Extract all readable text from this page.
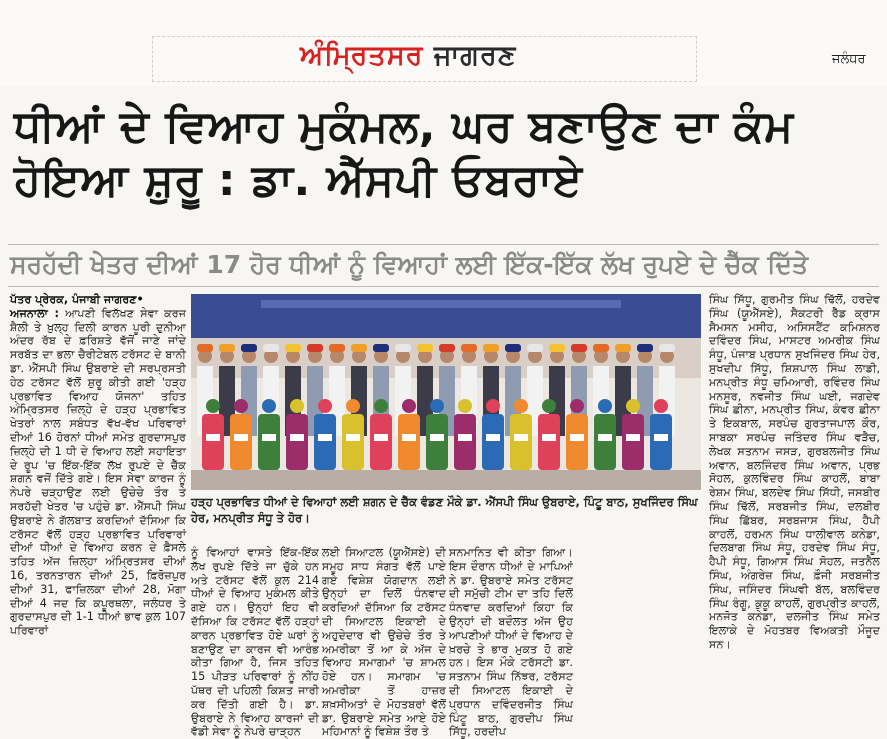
ਅੰਮ੍ਰਿਤਸਰ ਜਾਗਰਣ	ਜਲੰਧਰ
ਧੀਆਂ ਦੇ ਵਿਆਹ ਮੁਕੰਮਲ, ਘਰ ਬਣਾਉਣ ਦਾ ਕੰਮ ਹੋਇਆ ਸ਼ੁਰੂ : ਡਾ. ਐੱਸਪੀ ਓਬਰਾਏ
ਸਰਹੱਦੀ ਖੇਤਰ ਦੀਆਂ 17 ਹੋਰ ਧੀਆਂ ਨੂੰ ਵਿਆਹਾਂ ਲਈ ਇੱਕ-ਇੱਕ ਲੱਖ ਰੁਪਏ ਦੇ ਚੈੱਕ ਦਿੱਤੇ
ਪੱਤਰ ਪ੍ਰੇਰਕ, ਪੰਜਾਬੀ ਜਾਗਰਣ•
ਅਜਨਾਲਾ : ਆਪਣੀ ਵਿਲੱਖਣ ਸੇਵਾ ਕਰਜ ਸ਼ੈਲੀ ਤੇ ਖ਼ੁਲ੍ਹ ਦਿਲੀ ਕਾਰਨ ਪੂਰੀ ਦੁਨੀਆ ਅੰਦਰ ਰੱਬ ਦੇ ਫ਼ਰਿਸ਼ਤੇ ਵੱਜੋਂ ਜਾਣੇ ਜਾਂਦੇ ਸਰਬੱਤ ਦਾ ਭਲਾ ਚੈਰੀਟੇਬਲ ਟਰੱਸਟ ਦੇ ਬਾਨੀ ਡਾ. ਐੱਸਪੀ ਸਿੰਘ ਉਬਰਾਏ ਦੀ ਸਰਪ੍ਰਸਤੀ ਹੇਠ ਟਰੱਸਟ ਵੱਲੋਂ ਸ਼ੁਰੂ ਕੀਤੀ ਗਈ 'ਹੜ੍ਹ ਪ੍ਰਭਾਵਿਤ ਵਿਆਹ ਯੋਜਨਾ' ਤਹਿਤ ਅੰਮ੍ਰਿਤਸਰ ਜ਼ਿਲ੍ਹੇ ਦੇ ਹੜ੍ਹ ਪ੍ਰਭਾਵਿਤ ਖੇਤਰਾਂ ਨਾਲ ਸਬੰਧਤ ਵੱਖ-ਵੱਖ ਪਰਿਵਾਰਾਂ ਦੀਆਂ 16 ਹੋਰਨਾਂ ਧੀਆਂ ਸਮੇਤ ਗੁਰਦਾਸਪੁਰ ਜ਼ਿਲ੍ਹੇ ਦੀ 1 ਧੀ ਦੇ ਵਿਆਹ ਲਈ ਸਹਾਇਤਾ ਦੇ ਰੂਪ 'ਚ ਇੱਕ-ਇੱਕ ਲੱਖ ਰੁਪਏ ਦੇ ਚੈੱਕ ਸ਼ਗਨ ਵਜੋਂ ਦਿੱਤੇ ਗਏ। ਇਸ ਸੇਵਾ ਕਾਰਜ ਨੂੰ ਨੇਪਰੇ ਚੜ੍ਹਾਉਣ ਲਈ ਉਚੇਚੇ ਤੌਰ ਤੇ ਸਰਹੱਦੀ ਖੇਤਰ 'ਚ ਪਹੁੰਚੇ ਡਾ. ਐੱਸਪੀ ਸਿੰਘ ਉਬਰਾਏ ਨੇ ਗੱਲਬਾਤ ਕਰਦਿਆਂ ਦੱਸਿਆ ਕਿ ਟਰੱਸਟ ਵੱਲੋਂ ਹੜ੍ਹ ਪ੍ਰਭਾਵਿਤ ਪਰਿਵਾਰਾਂ ਦੀਆਂ ਧੀਆਂ ਦੇ ਵਿਆਹ ਕਰਨ ਦੇ ਫ਼ੈਸਲੇ ਤਹਿਤ ਅੱਜ ਜ਼ਿਲ੍ਹਾ ਅੰਮ੍ਰਿਤਸਰ ਦੀਆਂ 16, ਤਰਨਤਾਰਨ ਦੀਆਂ 25, ਫ਼ਿਰੋਜ਼ਪੁਰ ਦੀਆਂ 31, ਫਾਜ਼ਿਲਕਾ ਦੀਆਂ 28, ਮੋਗਾ ਦੀਆਂ 4 ਜਦ ਕਿ ਕਪੂਰਥਲਾ, ਜਲੰਧਰ ਤੇ ਗੁਰਦਾਸਪੁਰ ਦੀ 1-1 ਧੀਆਂ ਭਾਵ ਕੁਲ 107 ਪਰਿਵਾਰਾਂ
ਹੜ੍ਹ ਪ੍ਰਭਾਵਿਤ ਧੀਆਂ ਦੇ ਵਿਆਹਾਂ ਲਈ ਸ਼ਗਨ ਦੇ ਚੈੱਕ ਵੰਡਣ ਮੌਕੇ ਡਾ. ਐੱਸਪੀ ਸਿੰਘ ਉਬਰਾਏ, ਪਿੰਟੂ ਬਾਠ, ਸੁਖਜਿੰਦਰ ਸਿੰਘ ਹੇਰ, ਮਨਪ੍ਰੀਤ ਸੰਧੂ ਤੇ ਹੋਰ।
ਨੂੰ ਵਿਆਹਾਂ ਵਾਸਤੇ ਇੱਕ-ਇੱਕ ਲੱਖ ਰੁਪਏ ਦਿੱਤੇ ਜਾ ਚੁੱਕੇ ਹਨ ਅਤੇ ਟਰੱਸਟ ਵੱਲੋਂ ਕੁਲ 214 ਧੀਆਂ ਦੇ ਵਿਆਹ ਮੁਕੰਮਲ ਕੀਤੇ ਗਏ ਹਨ। ਉਨ੍ਹਾਂ ਇਹ ਵੀ ਦੱਸਿਆ ਕਿ ਟਰੱਸਟ ਵੱਲੋਂ ਹੜ੍ਹਾਂ ਕਾਰਨ ਪ੍ਰਭਾਵਿਤ ਹੋਏ ਘਰਾਂ ਨੂੰ ਬਣਾਉਣ ਦਾ ਕਾਰਜ ਵੀ ਆਰੰਭ ਕੀਤਾ ਗਿਆ ਹੈ, ਜਿਸ ਤਹਿਤ 15 ਪੀੜਤ ਪਰਿਵਾਰਾਂ ਨੂੰ ਨੀਂਹ ਪੱਥਰ ਦੀ ਪਹਿਲੀ ਕਿਸ਼ਤ ਜਾਰੀ ਕਰ ਦਿੱਤੀ ਗਈ ਹੈ। ਡਾ. ਉਬਰਾਏ ਨੇ ਵਿਆਹ ਕਾਰਜਾਂ ਦੀ ਵੱਡੀ ਸੇਵਾ ਨੂੰ ਨੇਪਰੇ ਚਾੜ੍ਹਨ
ਲਈ ਸਿਆਟਲ (ਯੂਐੱਸਏ) ਦੀ ਸਮੂਹ ਸਾਧ ਸੰਗਤ ਵੱਲੋਂ ਪਾਏ ਗਏ ਵਿਸ਼ੇਸ਼ ਯੋਗਦਾਨ ਲਈ ਉਨ੍ਹਾਂ ਦਾ ਦਿਲੋਂ ਧੰਨਵਾਦ ਕਰਦਿਆਂ ਦੱਸਿਆ ਕਿ ਟਰੱਸਟ ਦੀ ਸਿਆਟਲ ਇਕਾਈ ਦੇ ਅਹੁਦੇਦਾਰ ਵੀ ਉਚੇਚੇ ਤੌਰ ਤੇ ਅਮਰੀਕਾ ਤੋਂ ਆ ਕੇ ਅੱਜ ਦੇ ਵਿਆਹ ਸਮਾਗਮਾਂ 'ਚ ਸ਼ਾਮਲ ਹੋਏ ਹਨ। ਸਮਾਗਮ 'ਚ ਅਮਰੀਕਾ ਤੋਂ ਹਾਜ਼ਰ ਸ਼ਖ਼ਸੀਅਤਾਂ ਦੇ ਮੋਹਤਬਰਾਂ ਵੱਲੋਂ ਡਾ. ਉਬਰਾਏ ਸਮੇਤ ਆਏ ਹੋਏ ਮਹਿਮਾਨਾਂ ਨੂੰ ਵਿਸ਼ੇਸ਼ ਤੌਰ ਤੇ
ਸਨਮਾਨਿਤ ਵੀ ਕੀਤਾ ਗਿਆ। ਇਸ ਦੌਰਾਨ ਧੀਆਂ ਦੇ ਮਾਪਿਆਂ ਨੇ ਡਾ. ਉਬਰਾਏ ਸਮੇਤ ਟਰੱਸਟ ਦੀ ਸਮੁੱਚੀ ਟੀਮ ਦਾ ਤਹਿ ਦਿਲੋਂ ਧੰਨਵਾਦ ਕਰਦਿਆਂ ਕਿਹਾ ਕਿ ਉਨ੍ਹਾਂ ਦੀ ਬਦੌਲਤ ਅੱਜ ਉਹ ਆਪਣੀਆਂ ਧੀਆਂ ਦੇ ਵਿਆਹ ਦੇ ਖ਼ਰਚੇ ਤੇ ਭਾਰ ਮੁਕਤ ਹੋ ਗਏ ਹਨ। ਇਸ ਮੌਕੇ ਟਰੱਸਟੀ ਡਾ. ਸਤਨਾਮ ਸਿੰਘ ਨਿੱਝਰ, ਟਰੱਸਟ ਦੀ ਸਿਆਟਲ ਇਕਾਈ ਦੇ ਪ੍ਰਧਾਨ ਦਵਿੰਦਰਜੀਤ ਸਿੰਘ ਪਿੰਟੂ ਬਾਠ, ਗੁਰਦੀਪ ਸਿੰਘ ਸਿੱਧੂ, ਹਰਦੀਪ
ਸਿੰਘ ਸਿੱਧੂ, ਗੁਰਮੀਤ ਸਿੰਘ ਢਿੱਲੋਂ, ਹਰਦੇਵ ਸਿੰਘ (ਯੂਐੱਸਏ), ਸੈਕਟਰੀ ਰੈੱਡ ਕ੍ਰਾਸ ਸੈਮਸਨ ਮਸੀਹ, ਅਸਿਸਟੈਂਟ ਕਮਿਸ਼ਨਰ ਦਵਿੰਦਰ ਸਿੰਘ, ਮਾਸਟਰ ਅਮਰੀਕ ਸਿੰਘ ਸੰਧੂ, ਪੰਜਾਬ ਪ੍ਰਧਾਨ ਸੁਖਜਿੰਦਰ ਸਿੰਘ ਹੇਰ, ਸੁਖਦੀਪ ਸਿੱਧੂ, ਸ਼ਿਸ਼ਪਾਲ ਸਿੰਘ ਲਾਡੀ, ਮਨਪ੍ਰੀਤ ਸੰਧੂ ਚਮਿਆਰੀ, ਰਵਿੰਦਰ ਸਿੰਘ ਮਨਸੂਰ, ਨਵਜੀਤ ਸਿੰਘ ਘਈ, ਜਗਦੇਵ ਸਿੰਘ ਛੀਨਾ, ਮਨਪ੍ਰੀਤ ਸਿੰਘ, ਕੰਵਰ ਛੀਨਾ ਤੇ ਇਕਬਾਲ, ਸਰਪੰਚ ਗੁਰਤਾਜਪਾਲ ਕੌਰ, ਸਾਬਕਾ ਸਰਪੰਚ ਜਤਿੰਦਰ ਸਿੰਘ ਵੜੈਚ, ਲੇਖਕ ਸਤਨਾਮ ਜਸੜ, ਗੁਰਬਲਜੀਤ ਸਿੰਘ ਅਵਾਨ, ਬਲਜਿੰਦਰ ਸਿੰਘ ਅਵਾਨ, ਪ੍ਰਭ ਸੋਹਲ, ਕੁਲਵਿੰਦਰ ਸਿੰਘ ਕਾਹਲੋਂ, ਬਾਬਾ ਰੇਸ਼ਮ ਸਿੰਘ, ਬਲਦੇਵ ਸਿੰਘ ਸਿੱਧੀ, ਜਸਬੀਰ ਸਿੰਘ ਢਿੱਲੋਂ, ਸਰਬਜੀਤ ਸਿੰਘ, ਦਲਬੀਰ ਸਿੰਘ ਛਿੱਬਰ, ਸਰਬਜਾਸ ਸਿੰਘ, ਹੈਪੀ ਕਾਹਲੋਂ, ਹਰਮਨ ਸਿੰਘ ਧਾਲੀਵਾਲ ਕਨੇਡਾ, ਦਿਲਬਾਗ ਸਿੰਘ ਸੰਧੂ, ਹਰਦੇਵ ਸਿੰਘ ਸੰਧੂ, ਹੈਪੀ ਸੰਧੂ, ਗਿਆਸ ਸਿੰਘ ਸੋਹਲ, ਜਤਨੈਲ ਸਿੰਘ, ਅੰਗਰੇਜ਼ ਸਿੰਘ, ਫ਼ੌਜੀ ਸਰਬਜੀਤ ਸਿੰਘ, ਜਸਿੰਦਰ ਸਿੰਘਵੀ ਬੱਲ, ਬਲਵਿੰਦਰ ਸਿੰਘ ਰੰਗੂ, ਕੁਕੂ ਕਾਹਲੋਂ, ਗੁਰਪ੍ਰੀਤ ਕਾਹਲੋਂ, ਮਨਜੋਤ ਕਨੇਡਾ, ਦਲਜੀਤ ਸਿੰਘ ਸਮੇਤ ਇਲਾਕੇ ਦੇ ਮੋਹਤਬਰ ਵਿਅਕਤੀ ਮੌਜੂਦ ਸਨ।
